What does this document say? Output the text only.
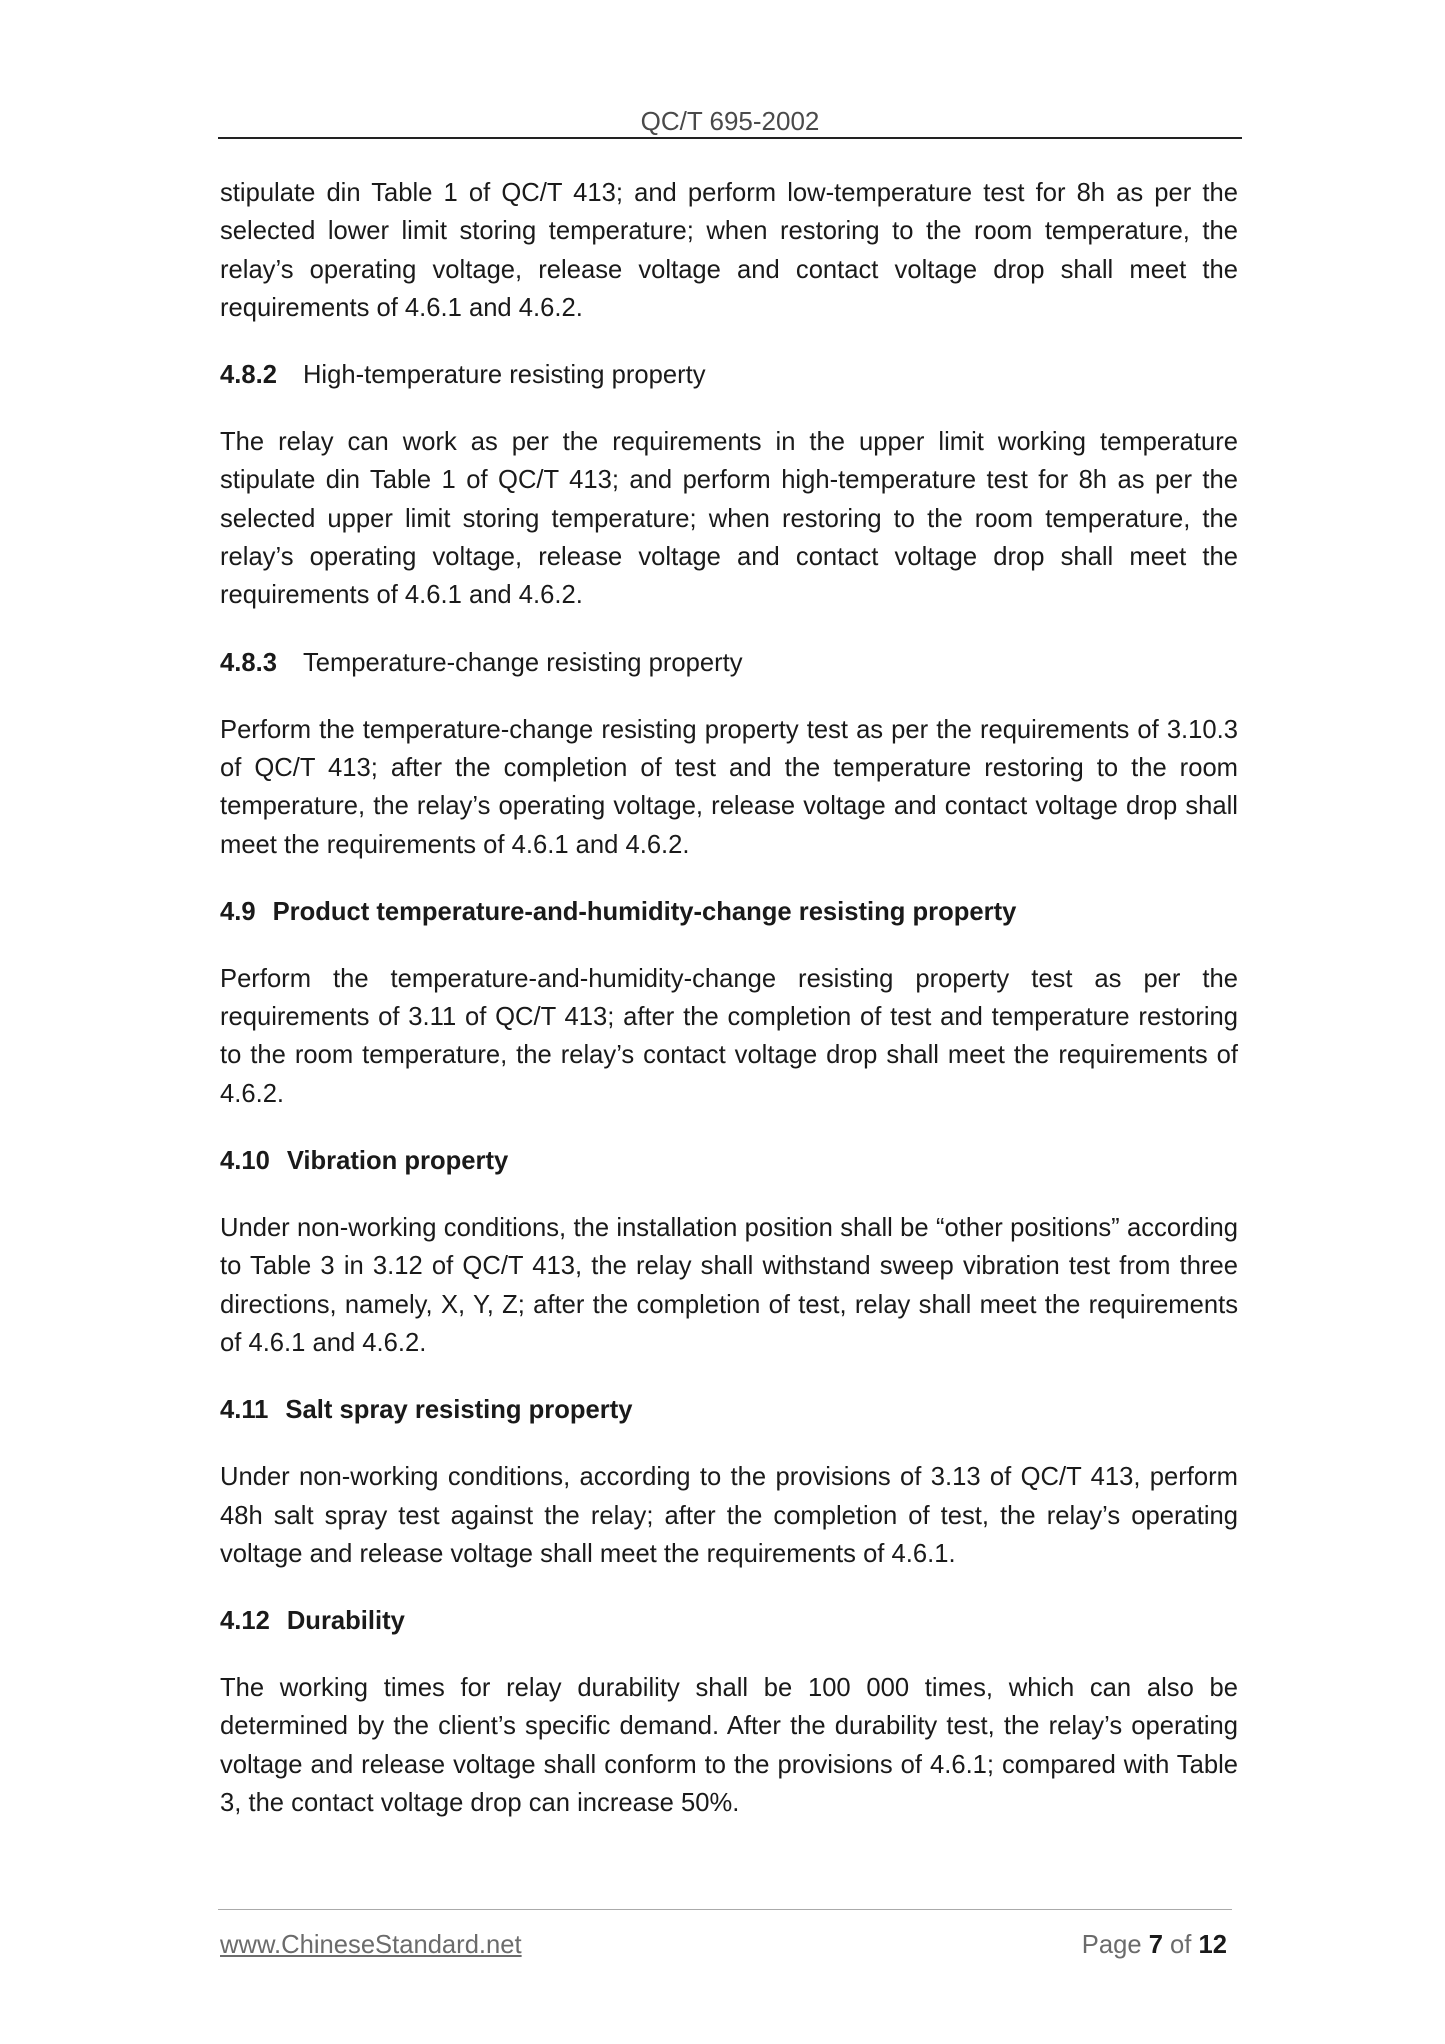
QC/T 695-2002

stipulate din Table 1 of QC/T 413; and perform low-temperature test for 8h as per the selected lower limit storing temperature; when restoring to the room temperature, the relay’s operating voltage, release voltage and contact voltage drop shall meet the requirements of 4.6.1 and 4.6.2.

4.8.2 High-temperature resisting property

The relay can work as per the requirements in the upper limit working temperature stipulate din Table 1 of QC/T 413; and perform high-temperature test for 8h as per the selected upper limit storing temperature; when restoring to the room temperature, the relay’s operating voltage, release voltage and contact voltage drop shall meet the requirements of 4.6.1 and 4.6.2.

4.8.3 Temperature-change resisting property

Perform the temperature-change resisting property test as per the requirements of 3.10.3 of QC/T 413; after the completion of test and the temperature restoring to the room temperature, the relay’s operating voltage, release voltage and contact voltage drop shall meet the requirements of 4.6.1 and 4.6.2.

4.9 Product temperature-and-humidity-change resisting property

Perform the temperature-and-humidity-change resisting property test as per the requirements of 3.11 of QC/T 413; after the completion of test and temperature restoring to the room temperature, the relay’s contact voltage drop shall meet the requirements of 4.6.2.

4.10 Vibration property

Under non-working conditions, the installation position shall be “other positions” according to Table 3 in 3.12 of QC/T 413, the relay shall withstand sweep vibration test from three directions, namely, X, Y, Z; after the completion of test, relay shall meet the requirements of 4.6.1 and 4.6.2.

4.11 Salt spray resisting property

Under non-working conditions, according to the provisions of 3.13 of QC/T 413, perform 48h salt spray test against the relay; after the completion of test, the relay’s operating voltage and release voltage shall meet the requirements of 4.6.1.

4.12 Durability

The working times for relay durability shall be 100 000 times, which can also be determined by the client’s specific demand. After the durability test, the relay’s operating voltage and release voltage shall conform to the provisions of 4.6.1; compared with Table 3, the contact voltage drop can increase 50%.

www.ChineseStandard.net	Page 7 of 12
